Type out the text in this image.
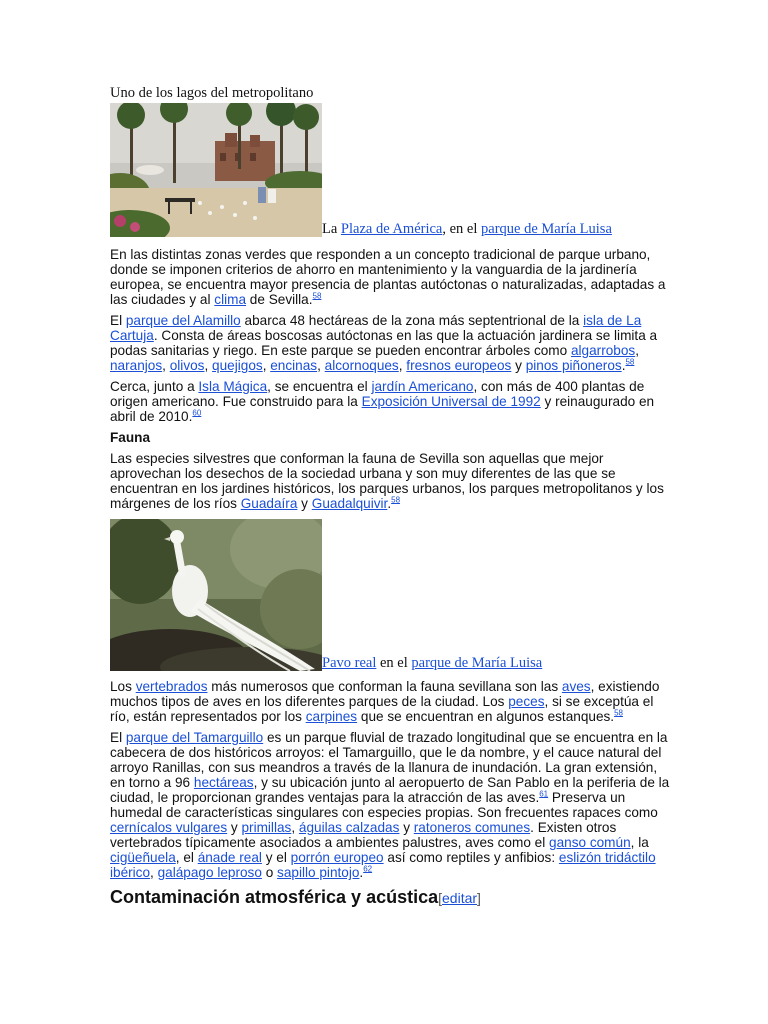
Uno de los lagos del metropolitano
La Plaza de América, en el parque de María Luisa

En las distintas zonas verdes que responden a un concepto tradicional de parque urbano, donde se imponen criterios de ahorro en mantenimiento y la vanguardia de la jardinería europea, se encuentra mayor presencia de plantas autóctonas o naturalizadas, adaptadas a las ciudades y al clima de Sevilla.$^{58}$

El parque del Alamillo abarca 48 hectáreas de la zona más septentrional de la isla de La Cartuja. Consta de áreas boscosas autóctonas en las que la actuación jardinera se limita a podas sanitarias y riego. En este parque se pueden encontrar árboles como algarrobos, naranjos, olivos, quejigos, encinas, alcornoques, fresnos europeos y pinos piñoneros.$^{58}$

Cerca, junto a Isla Mágica, se encuentra el jardín Americano, con más de 400 plantas de origen americano. Fue construido para la Exposición Universal de 1992 y reinaugurado en abril de 2010.60

Fauna

Las especies silvestres que conforman la fauna de Sevilla son aquellas que mejor aprovechan los desechos de la sociedad urbana y son muy diferentes de las que se encuentran en los jardines históricos, los parques urbanos, los parques metropolitanos y los márgenes de los ríos Guadaíra y Guadalquivir.$^{58}$

Pavo real en el parque de María Luisa

Los vertebrados más numerosos que conforman la fauna sevillana son las aves, existiendo muchos tipos de aves en los diferentes parques de la ciudad. Los peces, si se exceptúa el río, están representados por los carpines que se encuentran en algunos estanques.$^{58}$

El parque del Tamarguillo es un parque fluvial de trazado longitudinal que se encuentra en la cabecera de dos históricos arroyos: el Tamarguillo, que le da nombre, y el cauce natural del arroyo Ranillas, con sus meandros a través de la llanura de inundación. La gran extensión, en torno a 96 hectáreas, y su ubicación junto al aeropuerto de San Pablo en la periferia de la ciudad, le proporcionan grandes ventajas para la atracción de las aves.$^{61}$ Preserva un humedal de características singulares con especies propias. Son frecuentes rapaces como cernícalos vulgares y primillas, águilas calzadas y ratoneros comunes. Existen otros vertebrados típicamente asociados a ambientes palustres, aves como el ganso común, la cigüeñuela, el ánade real y el porrón europeo así como reptiles y anfibios: eslizón tridáctilo ibérico, galápago leproso o sapillo pintojo.$^{62}$

Contaminación atmosférica y acústica[editar]
